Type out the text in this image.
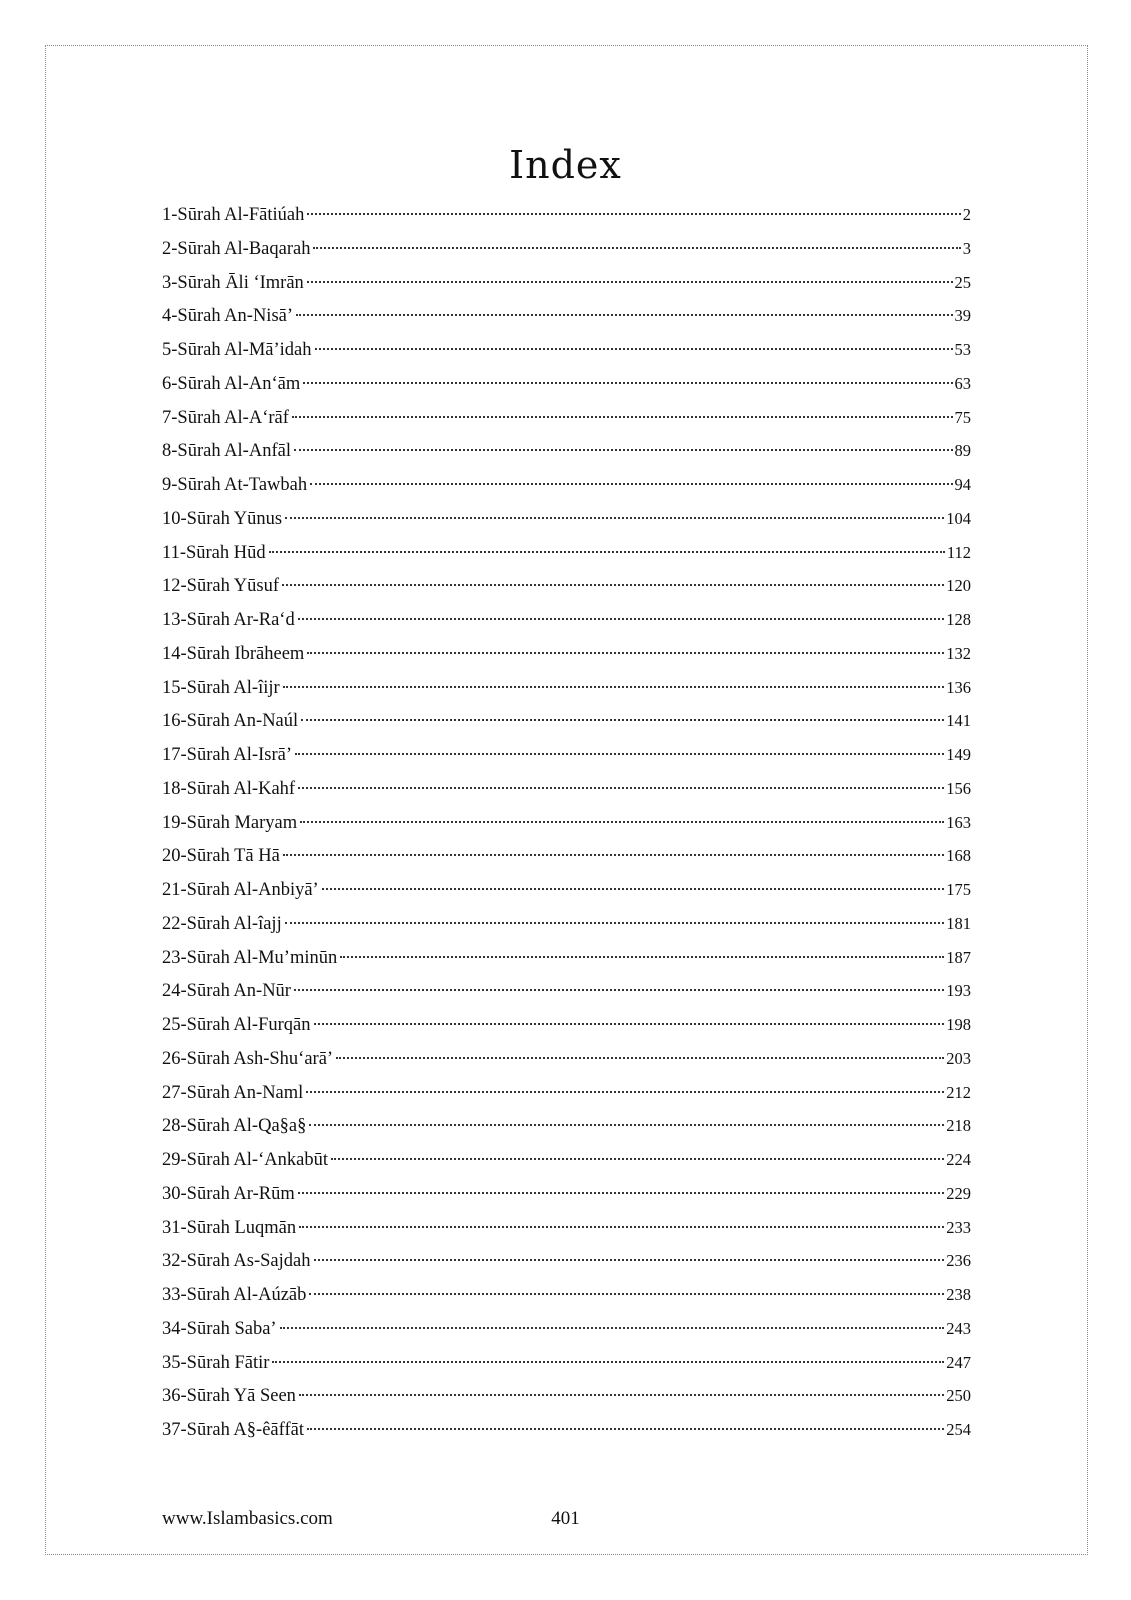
Index
1-Sūrah Al-Fātiúah	2
2-Sūrah Al-Baqarah	3
3-Sūrah Āli ‘Imrān	25
4-Sūrah An-Nisā’	39
5-Sūrah Al-Mā’idah	53
6-Sūrah Al-An‘ām	63
7-Sūrah Al-A‘rāf	75
8-Sūrah Al-Anfāl	89
9-Sūrah At-Tawbah	94
10-Sūrah Yūnus	104
11-Sūrah Hūd	112
12-Sūrah Yūsuf	120
13-Sūrah Ar-Ra‘d	128
14-Sūrah Ibrāheem	132
15-Sūrah Al-îijr	136
16-Sūrah An-Naúl	141
17-Sūrah Al-Isrā’	149
18-Sūrah Al-Kahf	156
19-Sūrah Maryam	163
20-Sūrah Tā Hā	168
21-Sūrah Al-Anbiyā’	175
22-Sūrah Al-îajj	181
23-Sūrah Al-Mu’minūn	187
24-Sūrah An-Nūr	193
25-Sūrah Al-Furqān	198
26-Sūrah Ash-Shu‘arā’	203
27-Sūrah An-Naml	212
28-Sūrah Al-Qa§a§	218
29-Sūrah Al-‘Ankabūt	224
30-Sūrah Ar-Rūm	229
31-Sūrah Luqmān	233
32-Sūrah As-Sajdah	236
33-Sūrah Al-Aúzāb	238
34-Sūrah Saba’	243
35-Sūrah Fātir	247
36-Sūrah Yā Seen	250
37-Sūrah A§-êāffāt	254
www.Islambasics.com	401
